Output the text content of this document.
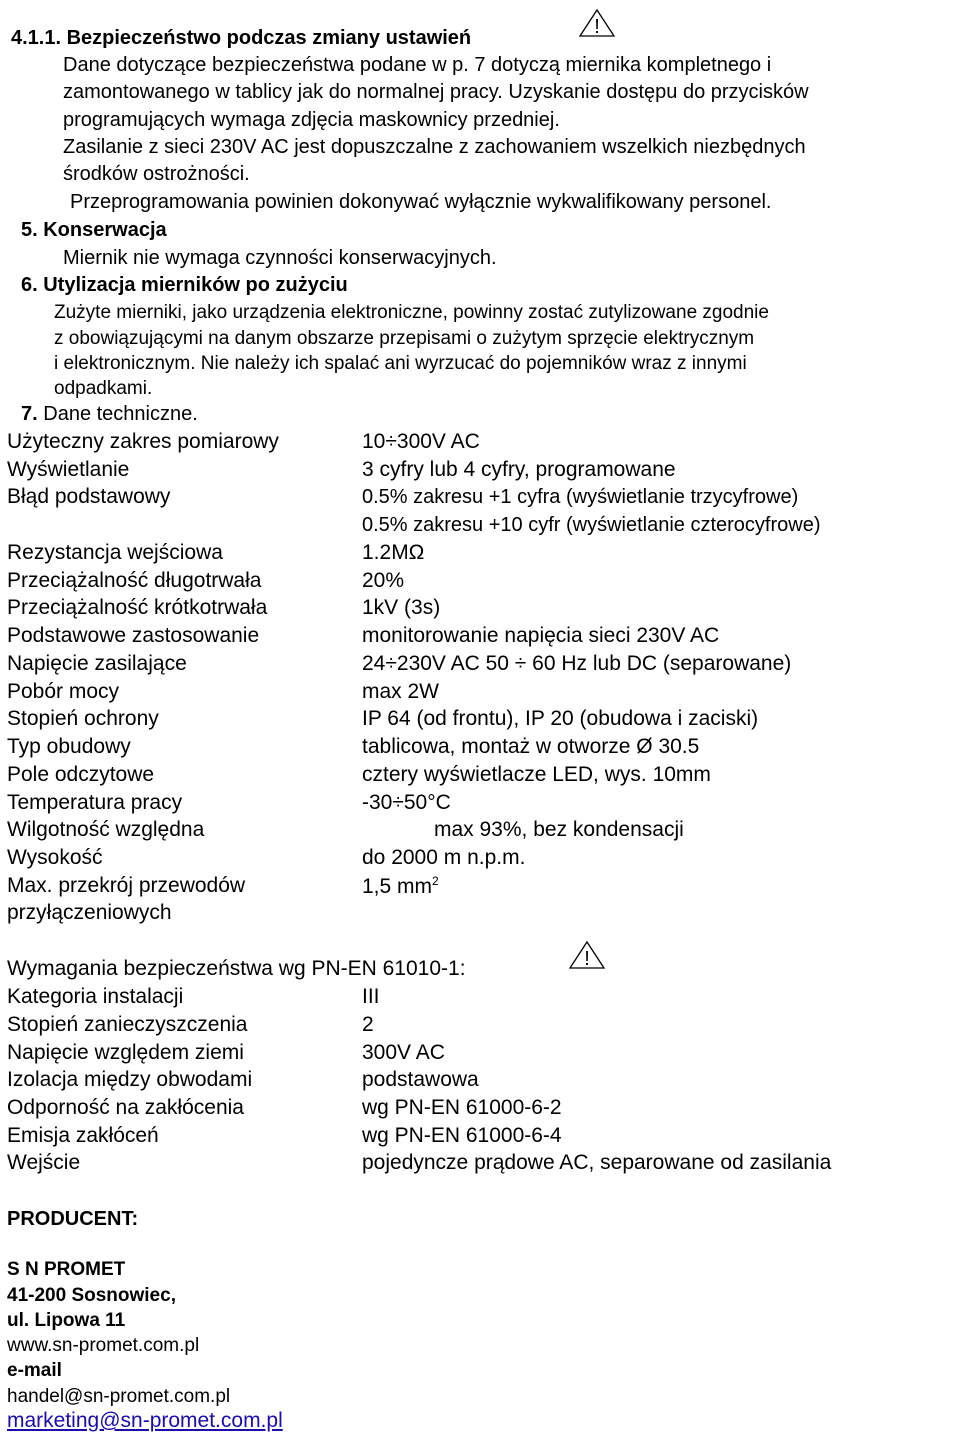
4.1.1. Bezpieczeństwo podczas zmiany ustawień	!
Dane dotyczące bezpieczeństwa podane w p. 7 dotyczą miernika kompletnego i
zamontowanego w tablicy jak do normalnej pracy. Uzyskanie dostępu do przycisków
programujących wymaga zdjęcia maskownicy przedniej.
Zasilanie z sieci 230V AC jest dopuszczalne z zachowaniem wszelkich niezbędnych
środków ostrożności.
Przeprogramowania powinien dokonywać wyłącznie wykwalifikowany personel.
5. Konserwacja
Miernik nie wymaga czynności konserwacyjnych.
6. Utylizacja mierników po zużyciu
Zużyte mierniki, jako urządzenia elektroniczne, powinny zostać zutylizowane zgodnie
z obowiązującymi na danym obszarze przepisami o zużytym sprzęcie elektrycznym
i elektronicznym. Nie należy ich spalać ani wyrzucać do pojemników wraz z innymi
odpadkami.
7. Dane techniczne.
Użyteczny zakres pomiarowy	10÷300V AC
Wyświetlanie	3 cyfry lub 4 cyfry, programowane
Błąd podstawowy	0.5% zakresu +1 cyfra (wyświetlanie trzycyfrowe)
0.5% zakresu +10 cyfr (wyświetlanie czterocyfrowe)
Rezystancja wejściowa	1.2MΩ
Przeciążalność długotrwała	20%
Przeciążalność krótkotrwała	1kV (3s)
Podstawowe zastosowanie	monitorowanie napięcia sieci 230V AC
Napięcie zasilające	24÷230V AC 50 ÷ 60 Hz lub DC (separowane)
Pobór mocy	max 2W
Stopień ochrony	IP 64 (od frontu), IP 20 (obudowa i zaciski)
Typ obudowy	tablicowa, montaż w otworze Ø 30.5
Pole odczytowe	cztery wyświetlacze LED, wys. 10mm
Temperatura pracy	-30÷50°C
Wilgotność względna	max 93%, bez kondensacji
Wysokość	do 2000 m n.p.m.
Max. przekrój przewodów	1,5 $mm^2$
przyłączeniowych
Wymagania bezpieczeństwa wg PN-EN 61010-1:	!
Kategoria instalacji	III
Stopień zanieczyszczenia	2
Napięcie względem ziemi	300V AC
Izolacja między obwodami	podstawowa
Odporność na zakłócenia	wg PN-EN 61000-6-2
Emisja zakłóceń	wg PN-EN 61000-6-4
Wejście	pojedyncze prądowe AC, separowane od zasilania
PRODUCENT:
S N PROMET
41-200 Sosnowiec,
ul. Lipowa 11
www.sn-promet.com.pl
e-mail
handel@sn-promet.com.pl
marketing@sn-promet.com.pl
